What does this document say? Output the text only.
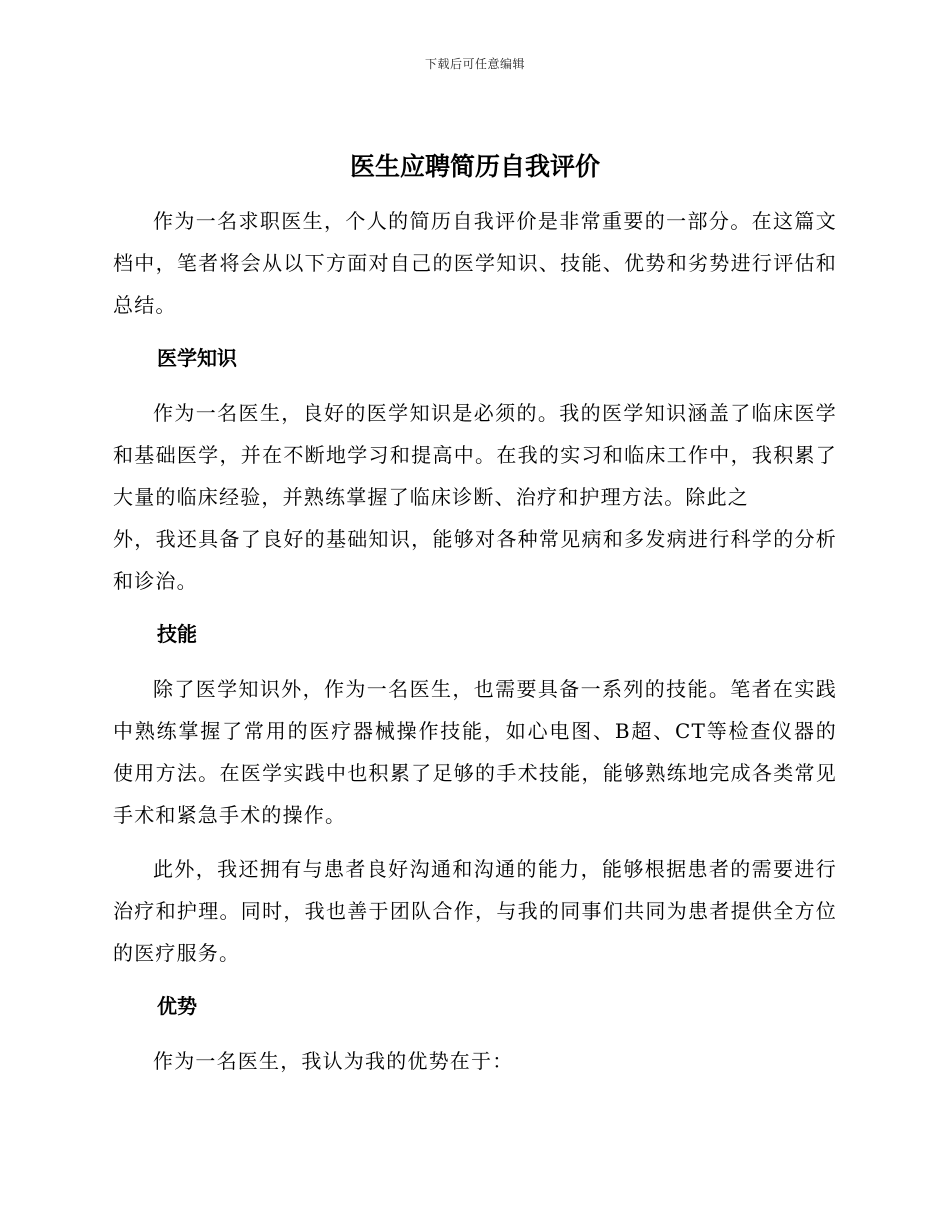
下载后可任意编辑
医生应聘简历自我评价

作为一名求职医生，个人的简历自我评价是非常重要的一部分。在这篇文档中，笔者将会从以下方面对自己的医学知识、技能、优势和劣势进行评估和总结。

医学知识

作为一名医生，良好的医学知识是必须的。我的医学知识涵盖了临床医学和基础医学，并在不断地学习和提高中。在我的实习和临床工作中，我积累了大量的临床经验，并熟练掌握了临床诊断、治疗和护理方法。除此之
外，我还具备了良好的基础知识，能够对各种常见病和多发病进行科学的分析和诊治。

技能

除了医学知识外，作为一名医生，也需要具备一系列的技能。笔者在实践中熟练掌握了常用的医疗器械操作技能，如心电图、B超、CT等检查仪器的使用方法。在医学实践中也积累了足够的手术技能，能够熟练地完成各类常见手术和紧急手术的操作。

此外，我还拥有与患者良好沟通和沟通的能力，能够根据患者的需要进行治疗和护理。同时，我也善于团队合作，与我的同事们共同为患者提供全方位的医疗服务。

优势

作为一名医生，我认为我的优势在于：
